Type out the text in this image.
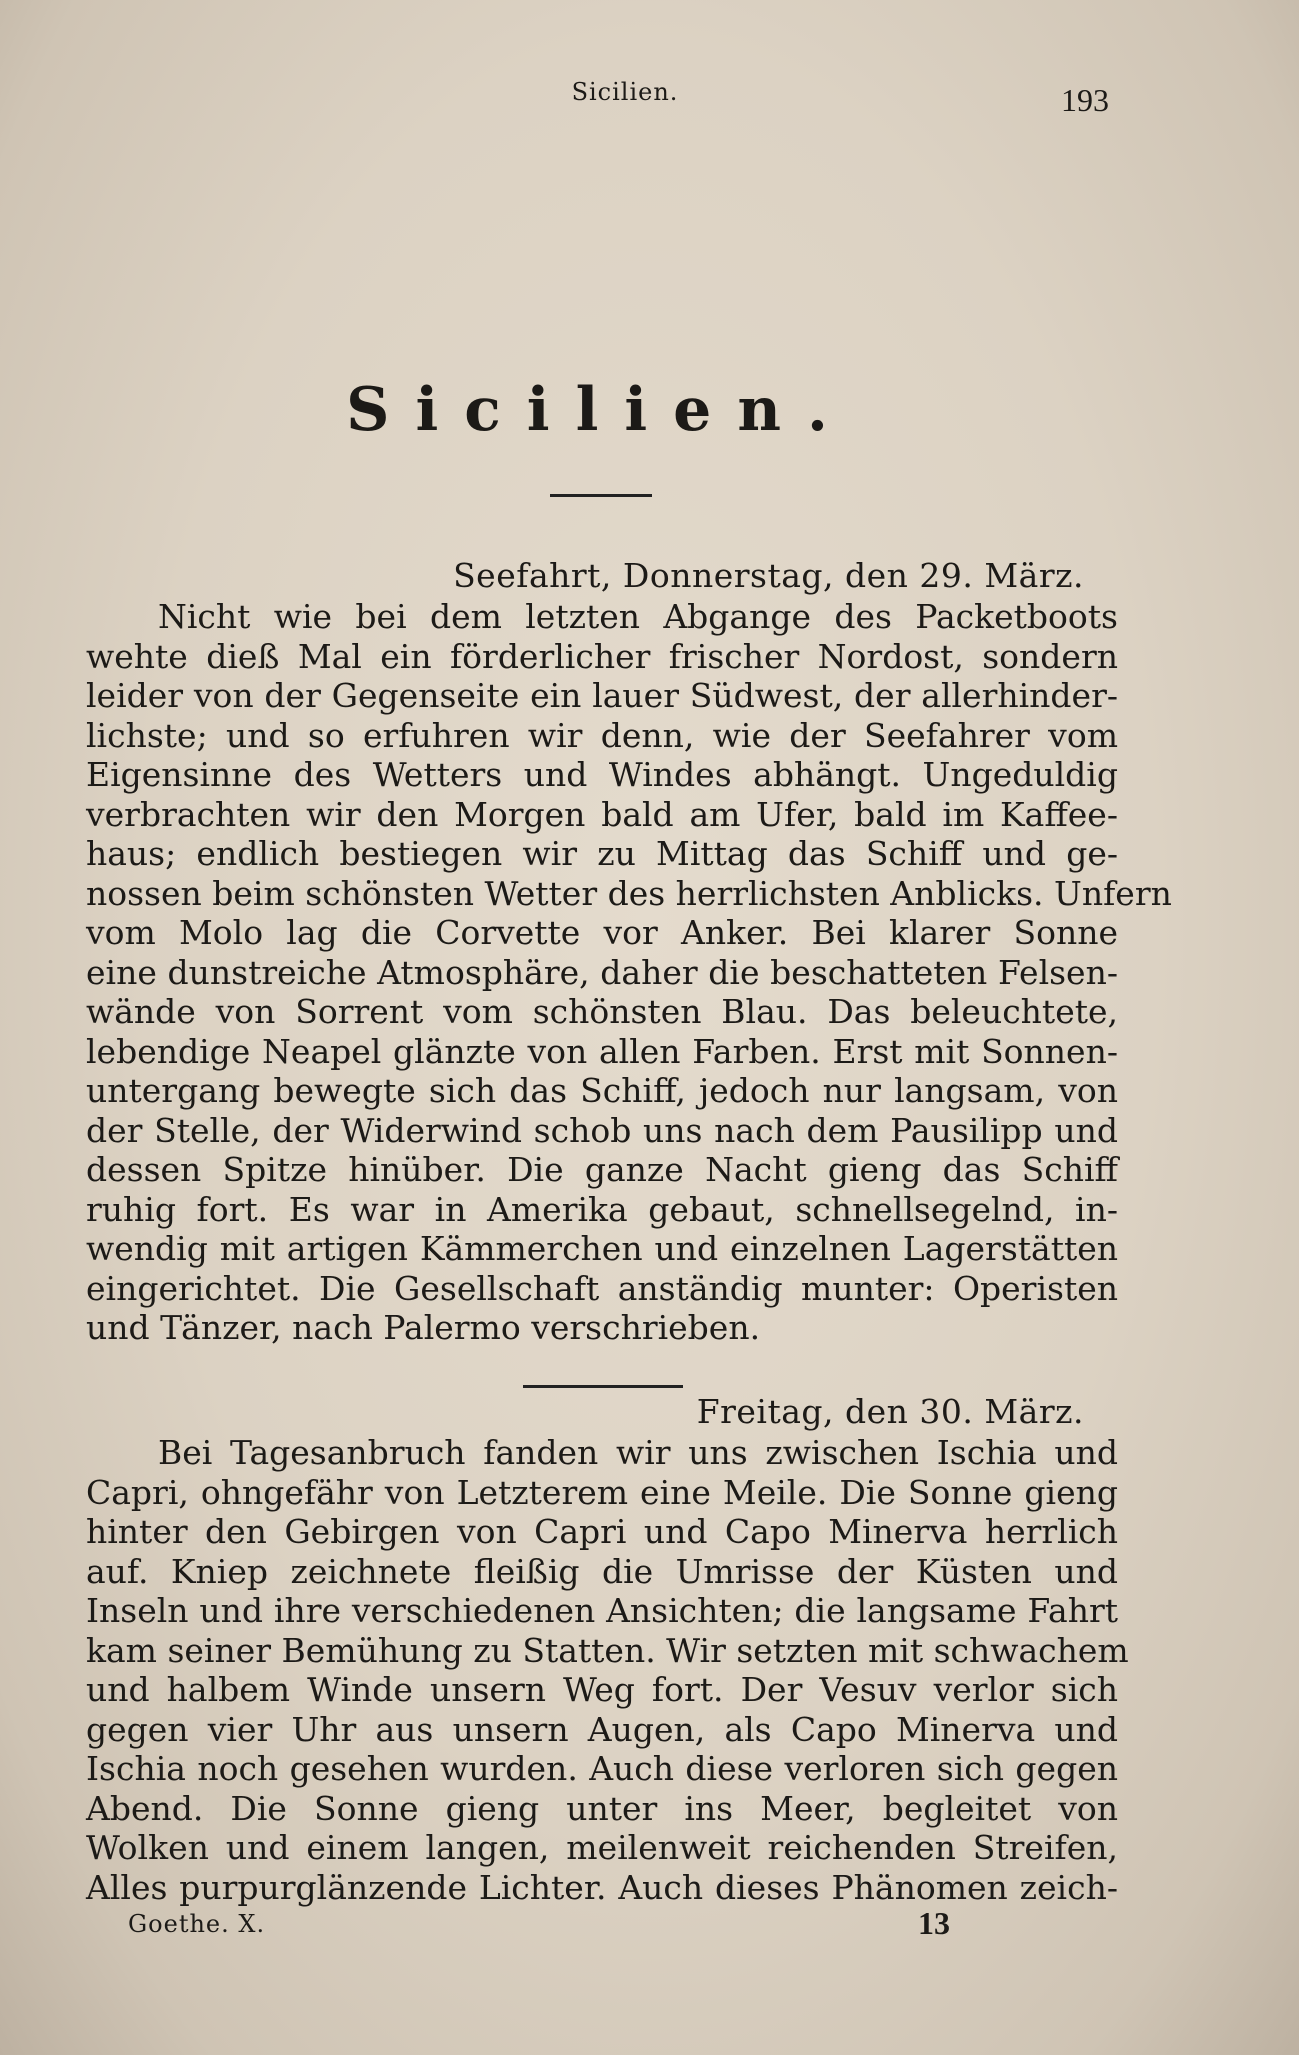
Sicilien.	193
Sicilien.
Seefahrt, Donnerstag, den 29. März.
Nicht wie bei dem letzten Abgange des Packetboots
wehte dieß Mal ein förderlicher frischer Nordost, sondern
leider von der Gegenseite ein lauer Südwest, der allerhinder-
lichste; und so erfuhren wir denn, wie der Seefahrer vom
Eigensinne des Wetters und Windes abhängt. Ungeduldig
verbrachten wir den Morgen bald am Ufer, bald im Kaffee-
haus; endlich bestiegen wir zu Mittag das Schiff und ge-
nossen beim schönsten Wetter des herrlichsten Anblicks. Unfern
vom Molo lag die Corvette vor Anker. Bei klarer Sonne
eine dunstreiche Atmosphäre, daher die beschatteten Felsen-
wände von Sorrent vom schönsten Blau. Das beleuchtete,
lebendige Neapel glänzte von allen Farben. Erst mit Sonnen-
untergang bewegte sich das Schiff, jedoch nur langsam, von
der Stelle, der Widerwind schob uns nach dem Pausilipp und
dessen Spitze hinüber. Die ganze Nacht gieng das Schiff
ruhig fort. Es war in Amerika gebaut, schnellsegelnd, in-
wendig mit artigen Kämmerchen und einzelnen Lagerstätten
eingerichtet. Die Gesellschaft anständig munter: Operisten
und Tänzer, nach Palermo verschrieben.
Freitag, den 30. März.
Bei Tagesanbruch fanden wir uns zwischen Ischia und
Capri, ohngefähr von Letzterem eine Meile. Die Sonne gieng
hinter den Gebirgen von Capri und Capo Minerva herrlich
auf. Kniep zeichnete fleißig die Umrisse der Küsten und
Inseln und ihre verschiedenen Ansichten; die langsame Fahrt
kam seiner Bemühung zu Statten. Wir setzten mit schwachem
und halbem Winde unsern Weg fort. Der Vesuv verlor sich
gegen vier Uhr aus unsern Augen, als Capo Minerva und
Ischia noch gesehen wurden. Auch diese verloren sich gegen
Abend. Die Sonne gieng unter ins Meer, begleitet von
Wolken und einem langen, meilenweit reichenden Streifen,
Alles purpurglänzende Lichter. Auch dieses Phänomen zeich-
Goethe. X.	13
